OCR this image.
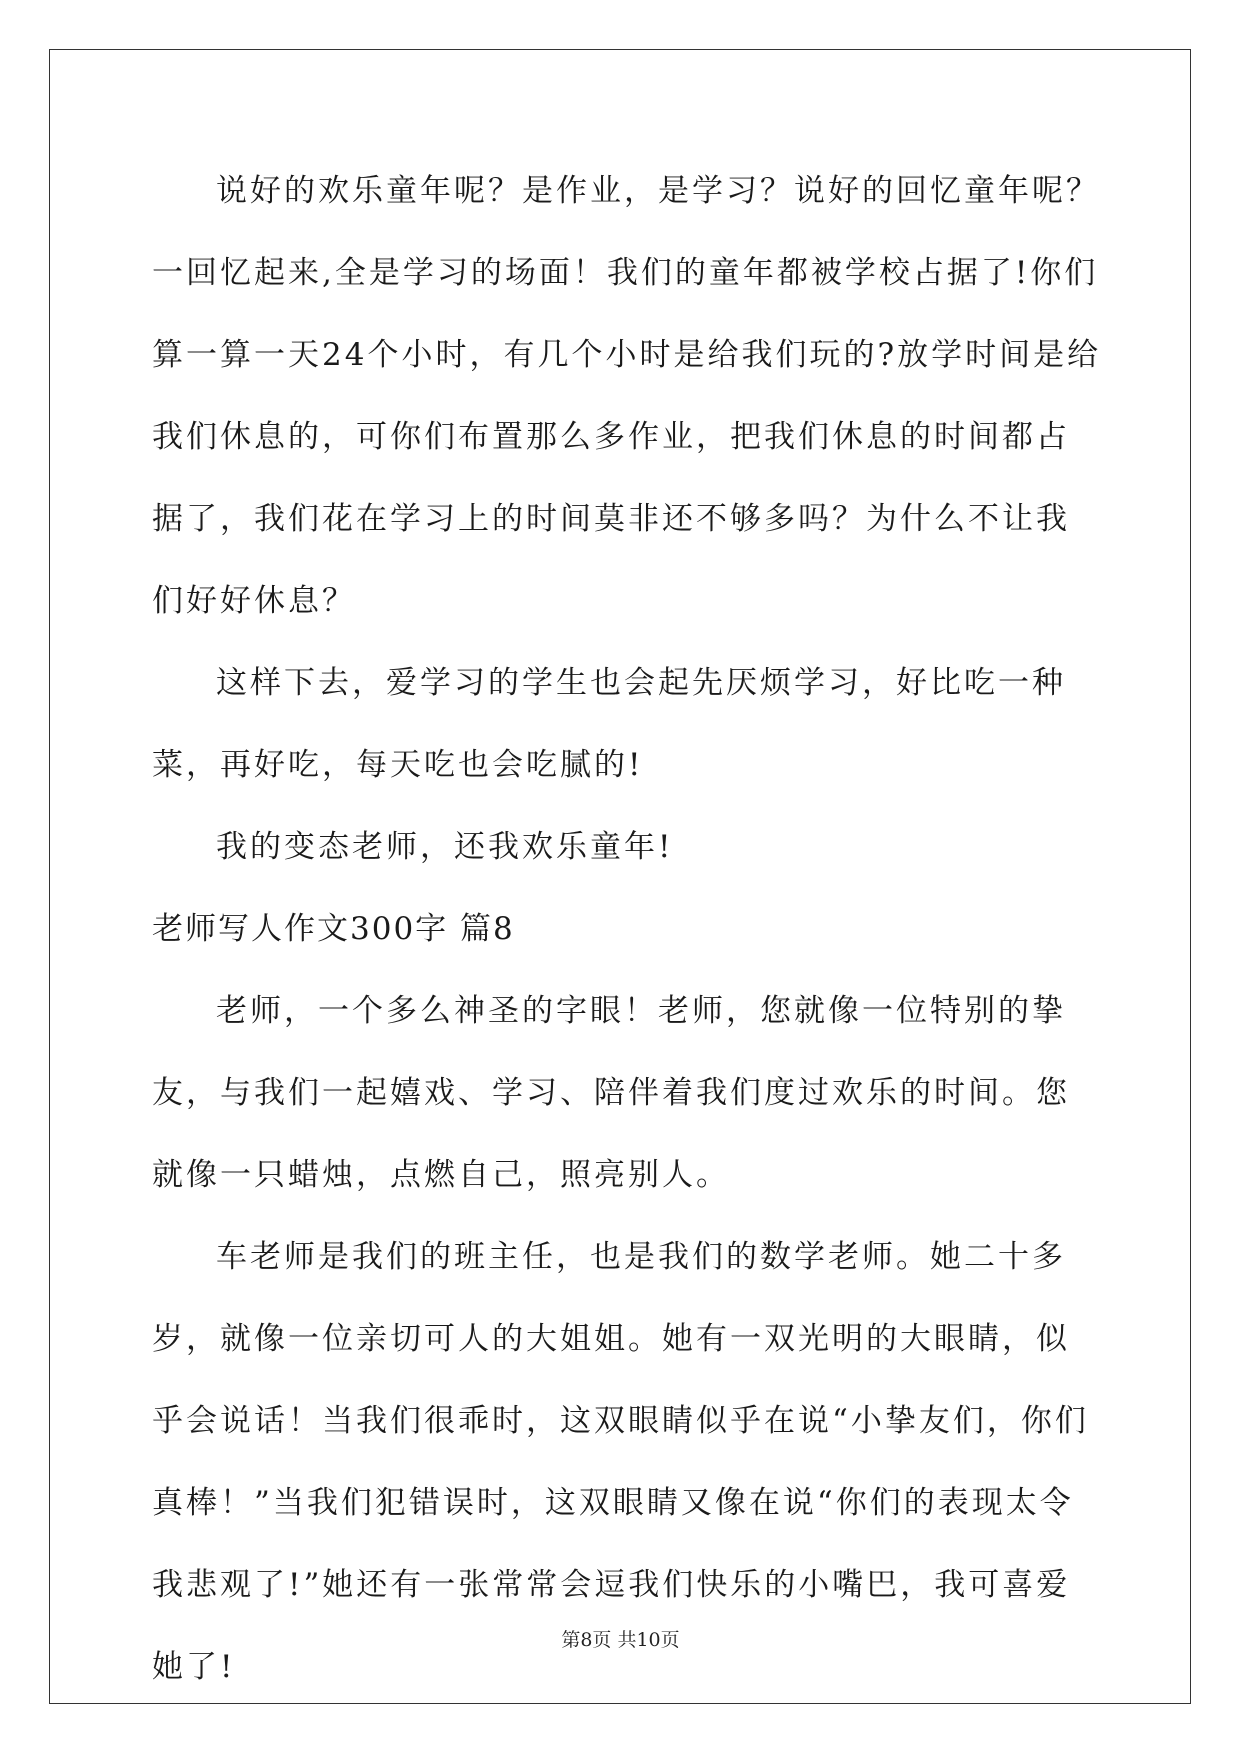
说好的欢乐童年呢？是作业，是学习？说好的回忆童年呢？一回忆起来,全是学习的场面！我们的童年都被学校占据了!你们算一算一天24个小时，有几个小时是给我们玩的?放学时间是给我们休息的，可你们布置那么多作业，把我们休息的时间都占据了，我们花在学习上的时间莫非还不够多吗？为什么不让我们好好休息？

这样下去，爱学习的学生也会起先厌烦学习，好比吃一种菜，再好吃，每天吃也会吃腻的!

我的变态老师，还我欢乐童年!

老师写人作文300字 篇8

老师，一个多么神圣的字眼！老师，您就像一位特别的挚友，与我们一起嬉戏、学习、陪伴着我们度过欢乐的时间。您就像一只蜡烛，点燃自己，照亮别人。

车老师是我们的班主任，也是我们的数学老师。她二十多岁，就像一位亲切可人的大姐姐。她有一双光明的大眼睛，似乎会说话！当我们很乖时，这双眼睛似乎在说“小挚友们，你们真棒！”当我们犯错误时，这双眼睛又像在说“你们的表现太令我悲观了!”她还有一张常常会逗我们快乐的小嘴巴，我可喜爱她了!

第8页 共10页
